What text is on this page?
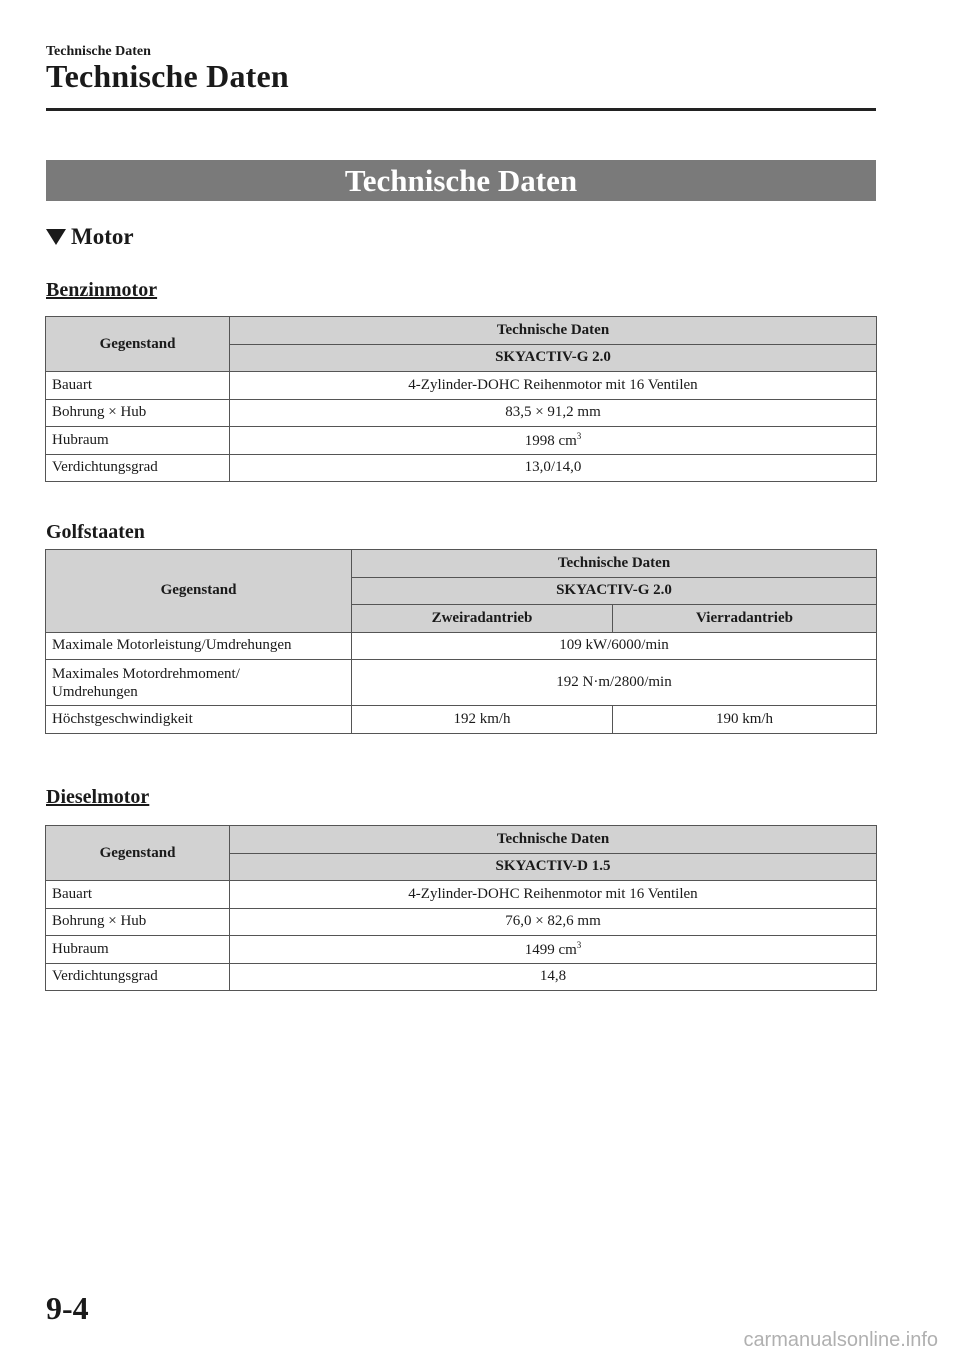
Technische Daten
Technische Daten
Technische Daten
Motor
Benzinmotor
Gegenstand	Technische Daten
	SKYACTIV-G 2.0
Bauart	4-Zylinder-DOHC Reihenmotor mit 16 Ventilen
Bohrung × Hub	83,5 × 91,2 mm
Hubraum	1998 $cm^3$
Verdichtungsgrad	13,0/14,0
Golfstaaten
Gegenstand	Technische Daten	
	SKYACTIV-G 2.0	
	Zweiradantrieb	Vierradantrieb
Maximale Motorleistung/Umdrehungen	109 kW/6000/min	
Maximales Motordrehmoment/
Umdrehungen	192 N·m/2800/min	
Höchstgeschwindigkeit	192 km/h	190 km/h
Dieselmotor
Gegenstand	Technische Daten
	SKYACTIV-D 1.5
Bauart	4-Zylinder-DOHC Reihenmotor mit 16 Ventilen
Bohrung × Hub	76,0 × 82,6 mm
Hubraum	1499 $cm^3$
Verdichtungsgrad	14,8
9-4
carmanualsonline.info
